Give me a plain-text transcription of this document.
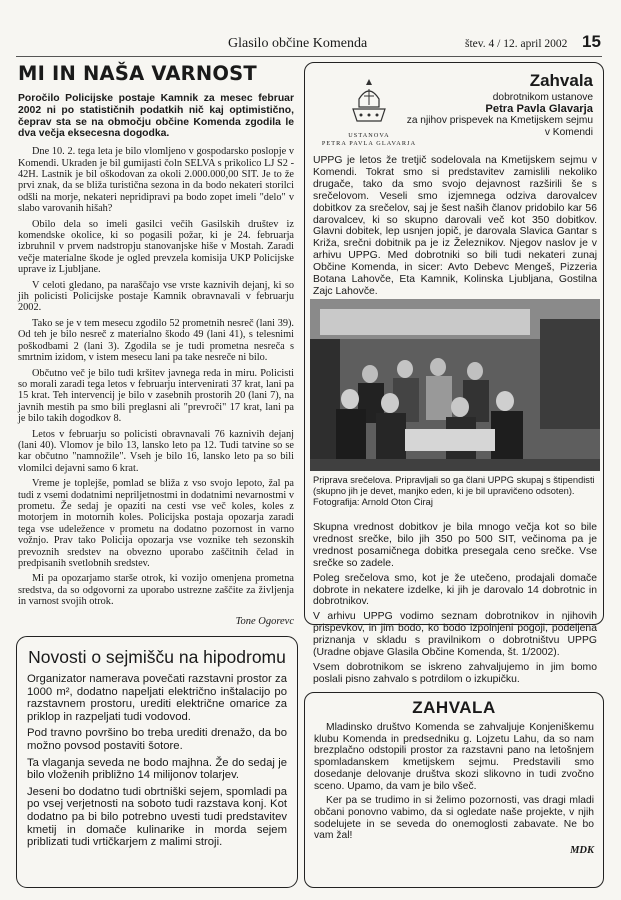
Glasilo občine Komenda	štev. 4 / 12. april 2002 15
MI IN NAŠA VARNOST

Poročilo Policijske postaje Kamnik za mesec februar 2002 ni po statističnih podatkih nič kaj optimistično, čeprav sta se na območju občine Komenda zgodila le dva večja eksecesna dogodka.

Dne 10. 2. tega leta je bilo vlomljeno v gospodarsko poslopje v Komendi. Ukraden je bil gumijasti čoln SELVA s prikolico LJ S2 - 42H. Lastnik je bil oškodovan za okoli 2.000.000,00 SIT. Je to že prvi znak, da se bliža turistična sezona in da bodo nekateri storilci odšli na morje, nekateri nepridipravi pa bodo zopet imeli "delo" v slabo varovanih hišah?

Obilo dela so imeli gasilci večih Gasilskih društev iz komendske okolice, ki so pogasili požar, ki je 24. februarja izbruhnil v prvem nadstropju stanovanjske hiše v Mostah. Zaradi večje materialne škode je ogled prevzela komisija UKP Policijske uprave iz Ljubljane.

V celoti gledano, pa naraščajo vse vrste kaznivih dejanj, ki so jih policisti Policijske postaje Kamnik obravnavali v februarju 2002.

Tako se je v tem mesecu zgodilo 52 prometnih nesreč (lani 39). Od teh je bilo nesreč z materialno škodo 49 (lani 41), s telesnimi poškodbami 2 (lani 3). Zgodila se je tudi prometna nesreča s smrtnim izidom, v istem mesecu lani pa take nesreče ni bilo.

Občutno več je bilo tudi kršitev javnega reda in miru. Policisti so morali zaradi tega letos v februarju intervenirati 37 krat, lani pa 15 krat. Teh intervencij je bilo v zasebnih prostorih 20 (lani 7), na javnih mestih pa smo bili preglasni ali "prevroči" 17 krat, lani pa je bilo takih dogodkov 8.

Letos v februarju so policisti obravnavali 76 kaznivih dejanj (lani 40). Vlomov je bilo 13, lansko leto pa 12. Tudi tatvine so se kar občutno "namnožile". Vseh je bilo 16, lansko leto pa so bili vlomilci dejavni samo 6 krat.

Vreme je toplejše, pomlad se bliža z vso svojo lepoto, žal pa tudi z vsemi dodatnimi nepriljetnostmi in dodatnimi nevarnostmi v prometu. Že sedaj je opaziti na cesti vse več koles, koles z motorjem in motornih koles. Policijska postaja opozarja zaradi tega vse udeležence v prometu na dodatno pozornost in varno vožnjo. Prav tako Policija opozarja vse voznike teh sezonskih prevoznih sredstev na obvezno uporabo zaščitnih čelad in predpisanih svetlobnih sredstev.

Mi pa opozarjamo starše otrok, ki vozijo omenjena prometna sredstva, da so odgovorni za uporabo ustrezne zaščite za življenja in varnost svojih otrok.

Tone Ogorevc
Novosti o sejmišču na hipodromu

Organizator namerava povečati razstavni prostor za 1000 m², dodatno napeljati električno inštalacijo po razstavnem prostoru, urediti električne omarice za priklop in razpeljati tudi vodovod.

Pod travno površino bo treba urediti drenažo, da bo možno povsod postaviti šotore.

Ta vlaganja seveda ne bodo majhna. Že do sedaj je bilo vloženih približno 14 milijonov tolarjev.

Jeseni bo dodatno tudi obrtniški sejem, spomladi pa po vsej verjetnosti na soboto tudi razstava konj. Kot dodatno pa bi bilo potrebno uvesti tudi predstavitev kmetij in domače kulinarike in morda sejem priblizati tudi vrtičkarjem z malimi stroji.

USTANOVA
PETRA PAVLA GLAVARJA
Zahvala
dobrotnikom ustanove
Petra Pavla Glavarja
za njihov prispevek na Kmetijskem sejmu v Komendi

UPPG je letos že tretjič sodelovala na Kmetijskem sejmu v Komendi. Tokrat smo si predstavitev zamislili nekoliko drugače, tako da smo svojo dejavnost razširili še s srečelovom. Veseli smo izjemnega odziva darovalcev dobitkov za srečelov, saj je šest naših članov pridobilo kar 56 darovalcev, ki so skupno darovali več kot 350 dobitkov. Glavni dobitek, lep usnjen jopič, je darovala Slavica Gantar s Križa, srečni dobitnik pa je iz Železnikov. Njegov naslov je v arhivu UPPG. Med dobrotniki so bili tudi nekateri zunaj Občine Komenda, in sicer: Avto Debevc Mengeš, Pizzeria Botana Lahovče, Eta Kamnik, Kolinska Ljubljana, Gostilna Zajc Lahovče.

Priprava srečelova. Pripravljali so ga člani UPPG skupaj s štipendisti (skupno jih je devet, manjko eden, ki je bil upravičeno odsoten). Fotografija: Arnold Oton Ciraj

Skupna vrednost dobitkov je bila mnogo večja kot so bile vrednost srečke, bilo jih 350 po 500 SIT, večinoma pa je vrednost posamičnega dobitka presegala ceno srečke. Vse srečke so zadele.

Poleg srečelova smo, kot je že utečeno, prodajali domače dobrote in nekatere izdelke, ki jih je darovalo 14 dobrotnic in dobrotnikov.

V arhivu UPPG vodimo seznam dobrotnikov in njihovih prispevkov, in jim bodo, ko bodo izpolnjeni pogoji, podeljena priznanja v skladu s pravilnikom o dobrotništvu UPPG (Uradne objave Glasila Občine Komenda, št. 1/2002).

Vsem dobrotnikom se iskreno zahvaljujemo in jim bomo poslali pisno zahvalo s potrdilom o izkupičku.

ZAHVALA

Mladinsko društvo Komenda se zahvaljuje Konjeniškemu klubu Komenda in predsedniku g. Lojzetu Lahu, da so nam brezplačno odstopili prostor za razstavni pano na letošnjem spomladanskem kmetijskem sejmu. Predstavili smo dosedanje delovanje društva skozi slikovno in tudi zvočno sceno. Upamo, da vam je bilo všeč.

Ker pa se trudimo in si želimo pozornosti, vas dragi mladi občani ponovno vabimo, da si ogledate naše projekte, v njih sodelujete in se seveda do onemoglosti zabavate. Ne bo vam žal!

MDK
